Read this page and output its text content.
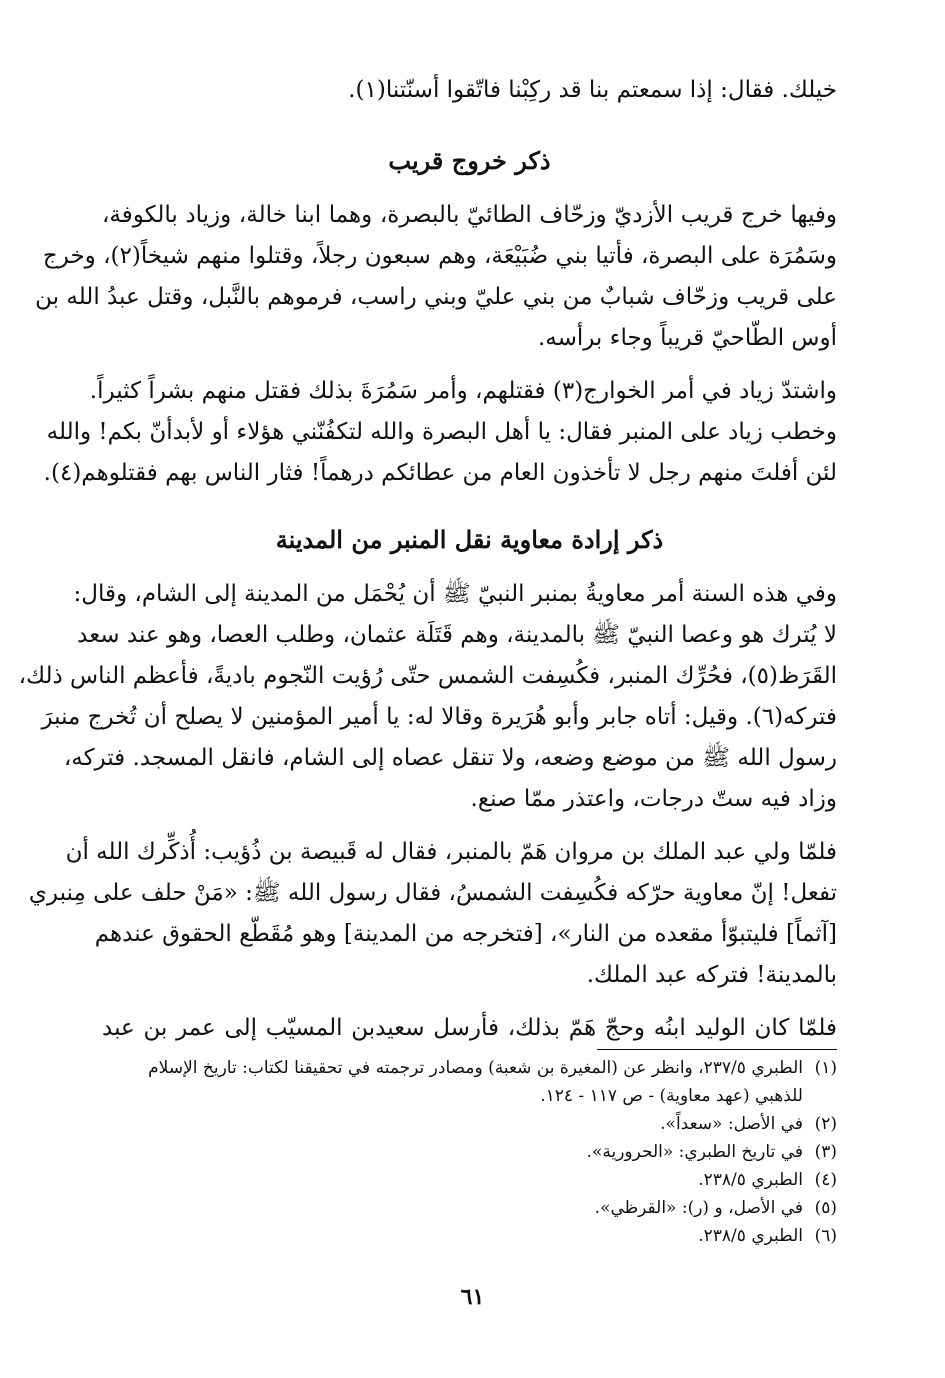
خيلك. فقال: إذا سمعتم بنا قد ركِبْنا فاتّقوا أسنّتنا(١).
ذكر خروج قريب
وفيها خرج قريب الأزديّ وزحّاف الطائيّ بالبصرة، وهما ابنا خالة، وزياد بالكوفة،
وسَمُرَة على البصرة، فأتيا بني ضُبَيْعَة، وهم سبعون رجلاً، وقتلوا منهم شيخاً(٢)، وخرج
على قريب وزحّاف شبابٌ من بني عليّ وبني راسب، فرموهم بالنَّبل، وقتل عبدُ الله بن
أوس الطّاحيّ قريباً وجاء برأسه.
واشتدّ زياد في أمر الخوارج(٣) فقتلهم، وأمر سَمُرَةَ بذلك فقتل منهم بشراً كثيراً.
وخطب زياد على المنبر فقال: يا أهل البصرة والله لتكفُنّني هؤلاء أو لأبدأنّ بكم! والله
لئن أفلتَ منهم رجل لا تأخذون العام من عطائكم درهماً! فثار الناس بهم فقتلوهم(٤).
ذكر إرادة معاوية نقل المنبر من المدينة
وفي هذه السنة أمر معاويةُ بمنبر النبيّ ﷺ أن يُحْمَل من المدينة إلى الشام، وقال:
لا يُترك هو وعصا النبيّ ﷺ بالمدينة، وهم قَتَلَة عثمان، وطلب العصا، وهو عند سعد
القَرَظ(٥)، فحُرِّك المنبر، فكُسِفت الشمس حتّى رُؤيت النّجوم باديةً، فأعظم الناس ذلك،
فتركه(٦). وقيل: أتاه جابر وأبو هُرَيرة وقالا له: يا أمير المؤمنين لا يصلح أن تُخرج منبرَ
رسول الله ﷺ من موضع وضعه، ولا تنقل عصاه إلى الشام، فانقل المسجد. فتركه،
وزاد فيه ستّ درجات، واعتذر ممّا صنع.
فلمّا ولي عبد الملك بن مروان هَمّ بالمنبر، فقال له قَبيصة بن ذُؤيب: أُذكِّرك الله أن
تفعل! إنّ معاوية حرّكه فكُسِفت الشمسُ، فقال رسول الله ﷺ: «مَنْ حلف على مِنبري
[آثماً] فليتبوّأ مقعده من النار»، [فتخرجه من المدينة] وهو مُقَطّع الحقوق عندهم
بالمدينة! فتركه عبد الملك.
فلمّا كان الوليد ابنُه وحجّ هَمّ بذلك، فأرسل سعيدبن المسيّب إلى عمر بن عبد
(١)
الطبري ٢٣٧/٥، وانظر عن (المغيرة بن شعبة) ومصادر ترجمته في تحقيقنا لكتاب: تاريخ الإسلام
للذهبي (عهد معاوية) - ص ١١٧ - ١٢٤.
(٢)
في الأصل: «سعداً».
(٣)
في تاريخ الطبري: «الحرورية».
(٤)
الطبري ٢٣٨/٥.
(٥)
في الأصل، و (ر): «القرظي».
(٦)
الطبري ٢٣٨/٥.
٦١
